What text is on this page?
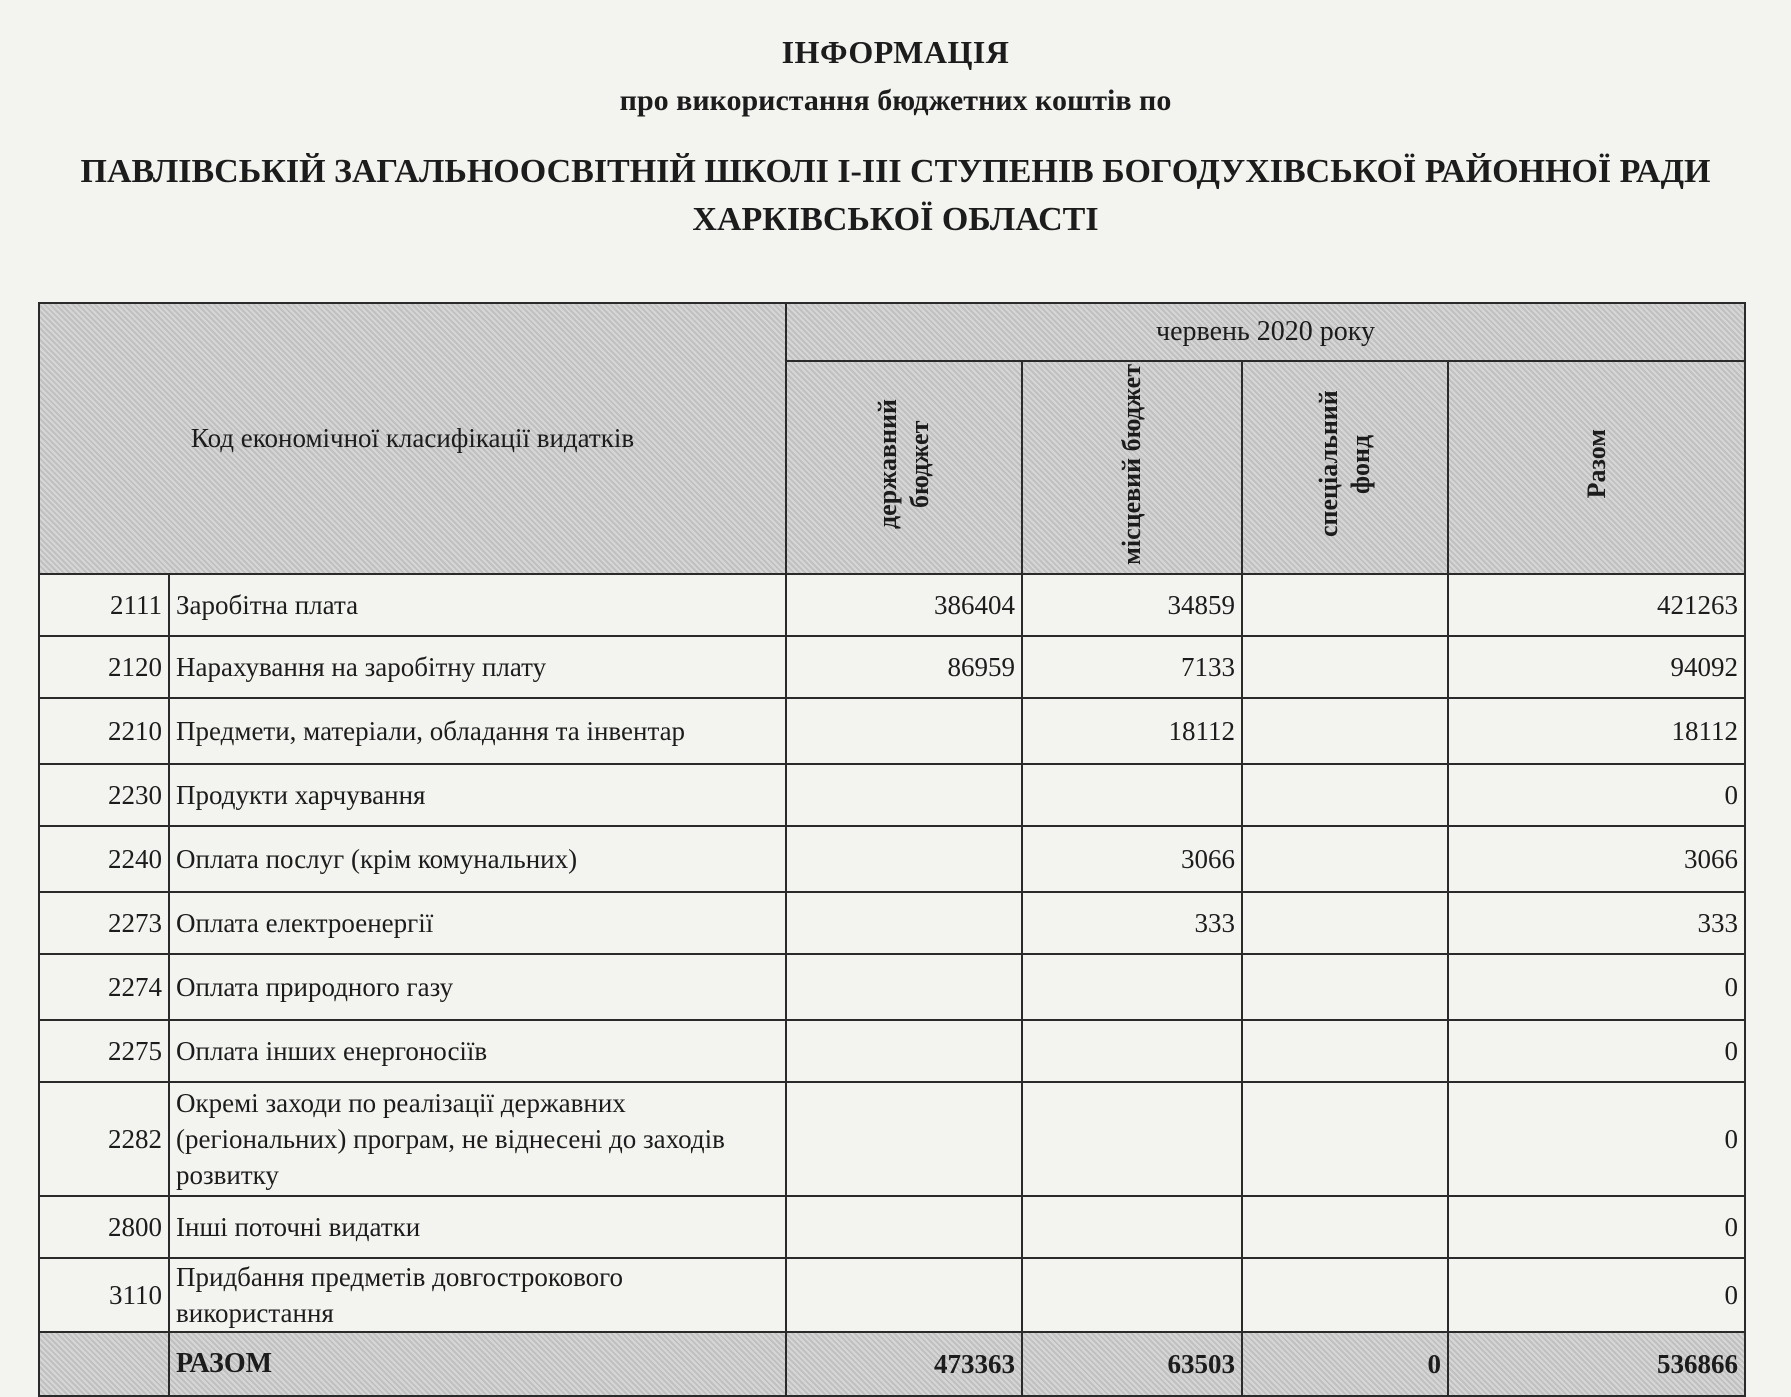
ІНФОРМАЦІЯ
про використання бюджетних коштів по
ПАВЛІВСЬКІЙ ЗАГАЛЬНООСВІТНІЙ ШКОЛІ І-ІІІ СТУПЕНІВ БОГОДУХІВСЬКОЇ РАЙОННОЇ РАДИ ХАРКІВСЬКОЇ ОБЛАСТІ
Код економічної класифікації видатків		червень 2020 року			
		державний бюджет	місцевий бюджет	спеціальний фонд	Разом
2111	Заробітна плата	386404	34859		421263
2120	Нарахування на заробітну плату	86959	7133		94092
2210	Предмети, матеріали, обладання та інвентар		18112		18112
2230	Продукти харчування				0
2240	Оплата послуг (крім комунальних)		3066		3066
2273	Оплата електроенергії		333		333
2274	Оплата природного газу				0
2275	Оплата інших енергоносіїв				0
2282	Окремі заходи по реалізації державних (регіональних) програм, не віднесені до заходів розвитку				0
2800	Інші поточні видатки				0
3110	Придбання предметів довгострокового використання				0
	РАЗОМ	473363	63503	0	536866
